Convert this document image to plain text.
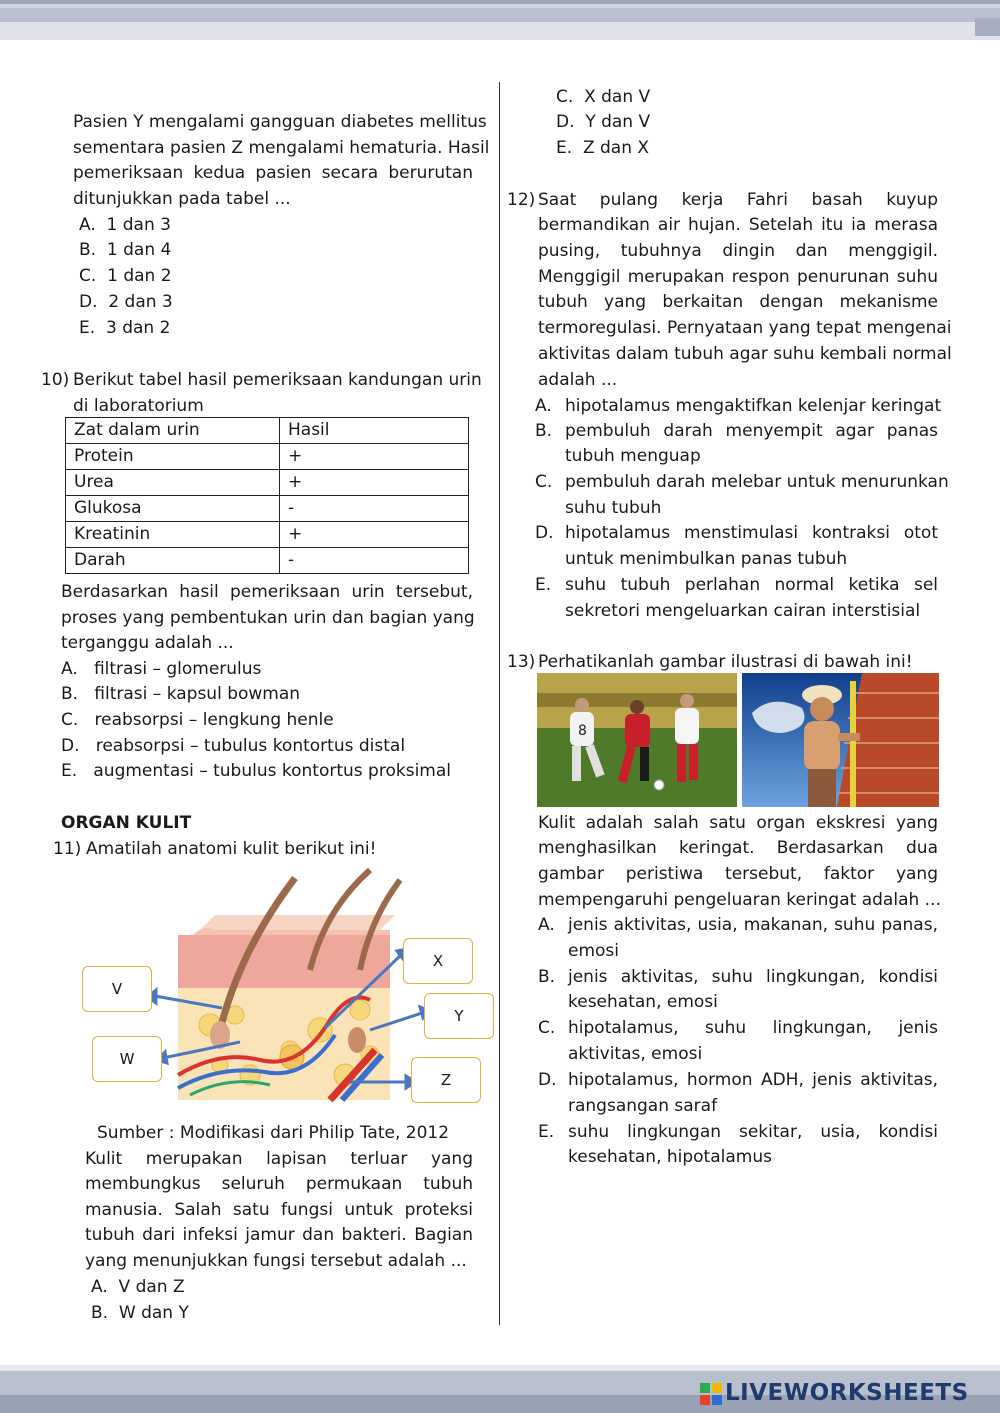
Pasien Y mengalami gangguan diabetes mellitus
sementara pasien Z mengalami hematuria. Hasil
pemeriksaan kedua pasien secara berurutan
ditunjukkan pada tabel ...
A. 1 dan 3
B. 1 dan 4
C. 1 dan 2
D. 2 dan 3
E. 3 dan 2
10) Berikut tabel hasil pemeriksaan kandungan urin
di laboratorium
Zat dalam urin	Hasil
Protein	+
Urea	+
Glukosa	-
Kreatinin	+
Darah	-
Berdasarkan hasil pemeriksaan urin tersebut,
proses yang pembentukan urin dan bagian yang
terganggu adalah ...
A. filtrasi – glomerulus
B. filtrasi – kapsul bowman
C. reabsorpsi – lengkung henle
D. reabsorpsi – tubulus kontortus distal
E. augmentasi – tubulus kontortus proksimal
ORGAN KULIT
11) Amatilah anatomi kulit berikut ini!
V
W
X
Y
Z
Sumber : Modifikasi dari Philip Tate, 2012
Kulit merupakan lapisan terluar yang
membungkus seluruh permukaan tubuh
manusia. Salah satu fungsi untuk proteksi
tubuh dari infeksi jamur dan bakteri. Bagian
yang menunjukkan fungsi tersebut adalah ...
A. V dan Z
B. W dan Y
C. X dan V
D. Y dan V
E. Z dan X
12) Saat pulang kerja Fahri basah kuyup
bermandikan air hujan. Setelah itu ia merasa
pusing, tubuhnya dingin dan menggigil.
Menggigil merupakan respon penurunan suhu
tubuh yang berkaitan dengan mekanisme
termoregulasi. Pernyataan yang tepat mengenai
aktivitas dalam tubuh agar suhu kembali normal
adalah ...
A. hipotalamus mengaktifkan kelenjar keringat
B. pembuluh darah menyempit agar panas
tubuh menguap
C. pembuluh darah melebar untuk menurunkan
suhu tubuh
D. hipotalamus menstimulasi kontraksi otot
untuk menimbulkan panas tubuh
E. suhu tubuh perlahan normal ketika sel
sekretori mengeluarkan cairan interstisial
13) Perhatikanlah gambar ilustrasi di bawah ini!
8
Kulit adalah salah satu organ ekskresi yang
menghasilkan keringat. Berdasarkan dua
gambar peristiwa tersebut, faktor yang
mempengaruhi pengeluaran keringat adalah ...
A. jenis aktivitas, usia, makanan, suhu panas,
emosi
B. jenis aktivitas, suhu lingkungan, kondisi
kesehatan, emosi
C. hipotalamus, suhu lingkungan, jenis
aktivitas, emosi
D. hipotalamus, hormon ADH, jenis aktivitas,
rangsangan saraf
E. suhu lingkungan sekitar, usia, kondisi
kesehatan, hipotalamus
LIVEWORKSHEETS
